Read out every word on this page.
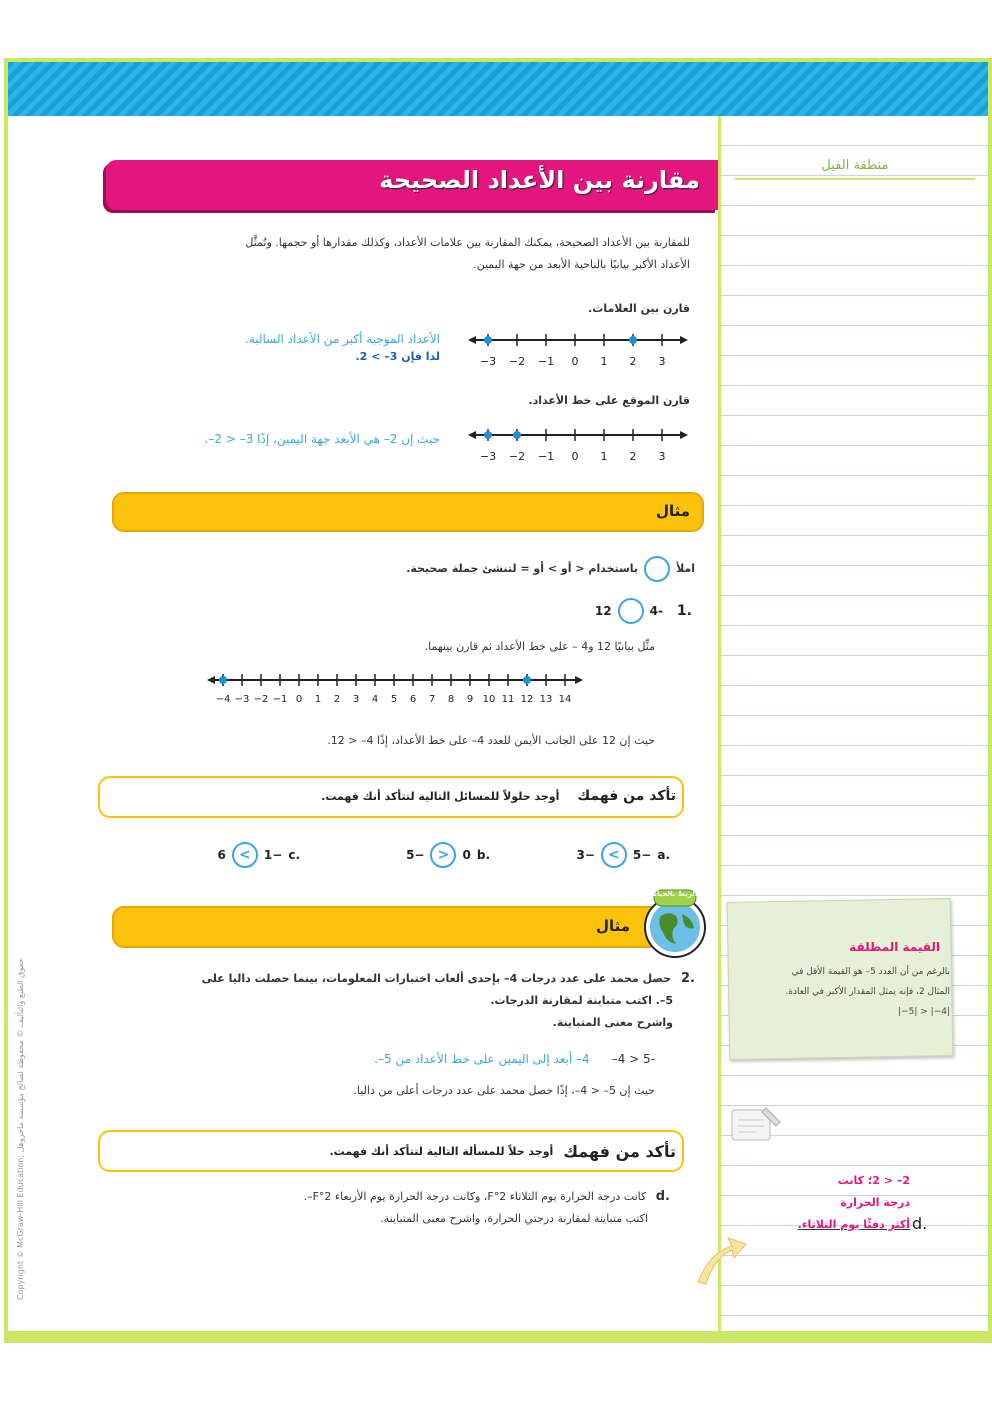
منطقة الفيل
مقارنة بين الأعداد الصحيحة
للمقارنة بين الأعداد الصحيحة، يمكنك المقارنة بين علامات الأعداد، وكذلك مقدارها أو حجمها. وتُمثَّل
الأعداد الأكبر بيانيًا بالناحية الأبعد من جهة اليمين.
قارن بين العلامات.
الأعداد الموجبة أكبر من الأعداد السالبة.
لذا فإن 3– > 2.	−3 −2 −1 0 1 2 3
قارن الموقع على خط الأعداد.
حيث إن 2– هي الأبعد جهة اليمين، إذًا 3– < 2–.
−3 −2 −1 0 1 2 3
مثال
املأ
باستخدام < أو > أو = لتنشئ جملة صحيحة.
.1
-4
12
مثِّل بيانيًا 12 و4 – على خط الأعداد ثم قارن بينهما.
−4 −3 −2 −1 0 1 2 3 4 5 6 7 8 9 10 11 12 13 14
حيث إن 12 على الجانب الأيمن للعدد 4– على خط الأعداد، إذًا 4– < 12.
تأكد من فهمك
أوجد حلولاً للمسائل التالية لتتأكد أنك فهمت.
.a
−5
>
−3
.b
0
<
−5
.c
−1
>
6
مثال
الربط بالحياة
.2 حصل محمد على عدد درجات 4– بإحدى ألعاب اختبارات المعلومات، بينما حصلت داليا على
5–. اكتب متباينة لمقارنة الدرجات.
واشرح معنى المتباينة.
-5 < 4–
4– أبعد إلى اليمين على خط الأعداد من 5–.
حيث إن 5– < 4–، إذًا حصل محمد على عدد درجات أعلى من داليا.
تأكد من فهمك
أوجد حلاً للمسألة التالية لتتأكد أنك فهمت.
.d كانت درجة الحرارة يوم الثلاثاء 2°F، وكانت درجة الحرارة يوم الأربعاء 2°F–.
اكتب متباينة لمقارنة درجتي الحرارة، واشرح معنى المتباينة.
القيمة المطلقة
بالرغم من أن العدد 5– هو القيمة الأقل في
المثال 2، فإنه يمثل المقدار الأكبر في العادة.
|−5| > |−4|
2– < 2؛ كانت
درجة الحرارة
أكثر دفئًا يوم الثلاثاء. d.
Copyright © McGraw-Hill Education; حقوق الطبع والتأليف © محفوظة لصالح مؤسسة ماجروهل
